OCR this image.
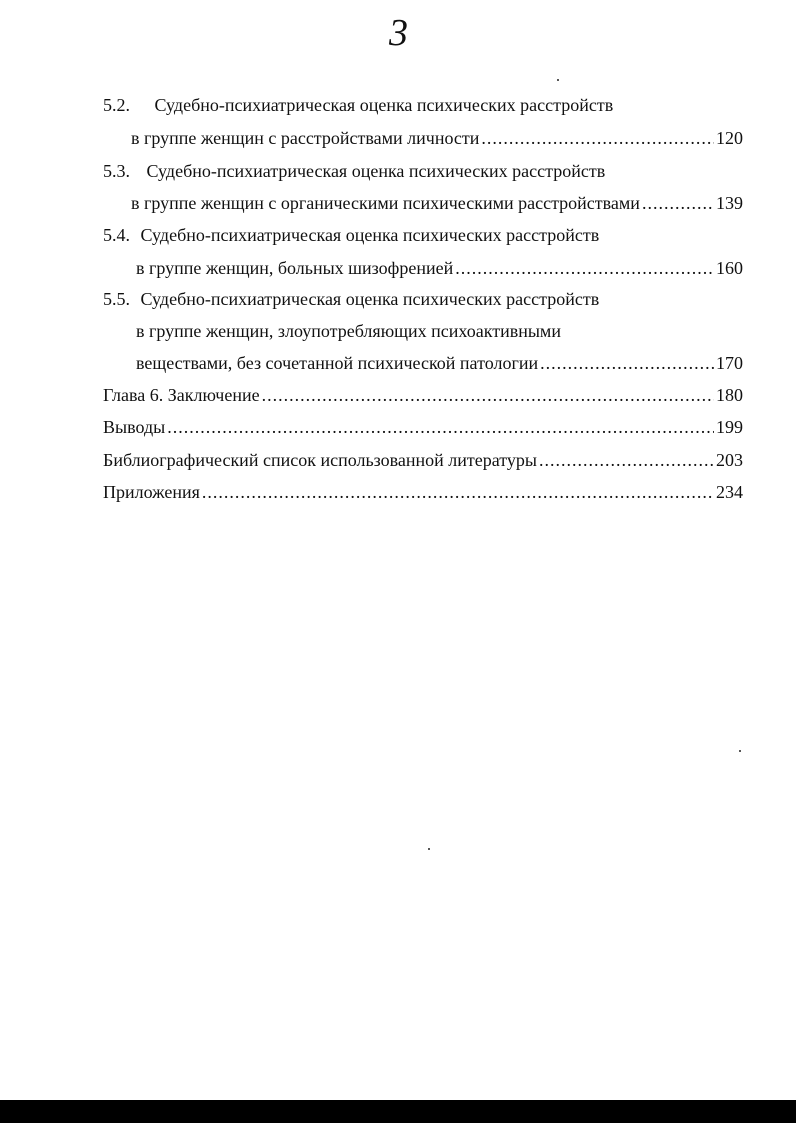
3
5.2. Судебно-психиатрическая оценка психических расстройств
в группе женщин с расстройствами личности .....	120
5.3. Судебно-психиатрическая оценка психических расстройств
в группе женщин с органическими психическими расстройствами .....	139
5.4. Судебно-психиатрическая оценка психических расстройств
в группе женщин, больных шизофренией .....	160
5.5. Судебно-психиатрическая оценка психических расстройств
в группе женщин, злоупотребляющих психоактивными
веществами, без сочетанной психической патологии .....	170
Глава 6. Заключение .....	180
Выводы .....	199
Библиографический список использованной литературы .....	203
Приложения .....	234
